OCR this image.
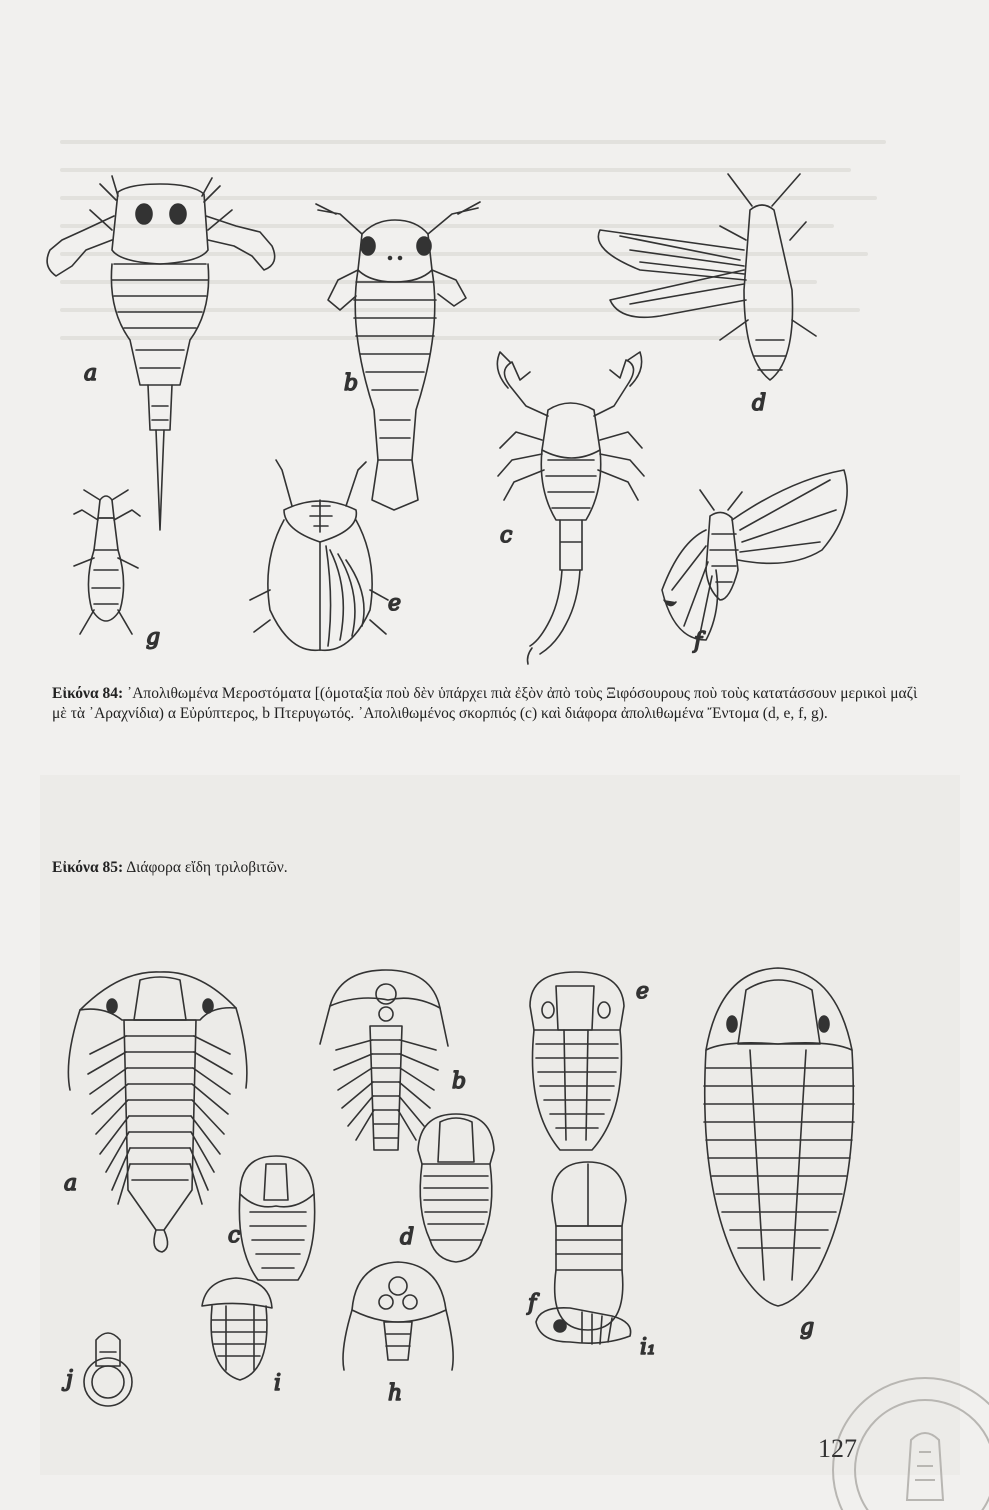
a	b
d
c
e
f
g
Εἰκόνα 84: ᾿Απολιθωμένα Μεροστόματα [(ὁμοταξία ποὺ δὲν ὑπάρχει πιὰ ἐξὸν ἀπὸ τοὺς Ξιφόσουρους ποὺ τοὺς κατατάσσουν μερικοὶ μαζὶ μὲ τὰ ᾿Αραχνίδια) α Εὐρύπτερος, b Πτερυγωτός. ᾿Απολιθωμένος σκορπιός (c) καὶ διάφορα ἀπολιθωμένα Ἔντομα (d, e, f, g).
Εἰκόνα 85: Διάφορα εἴδη τριλοβιτῶν.
a
b
c	d
e
f
g
i	h
i₁
j
127
